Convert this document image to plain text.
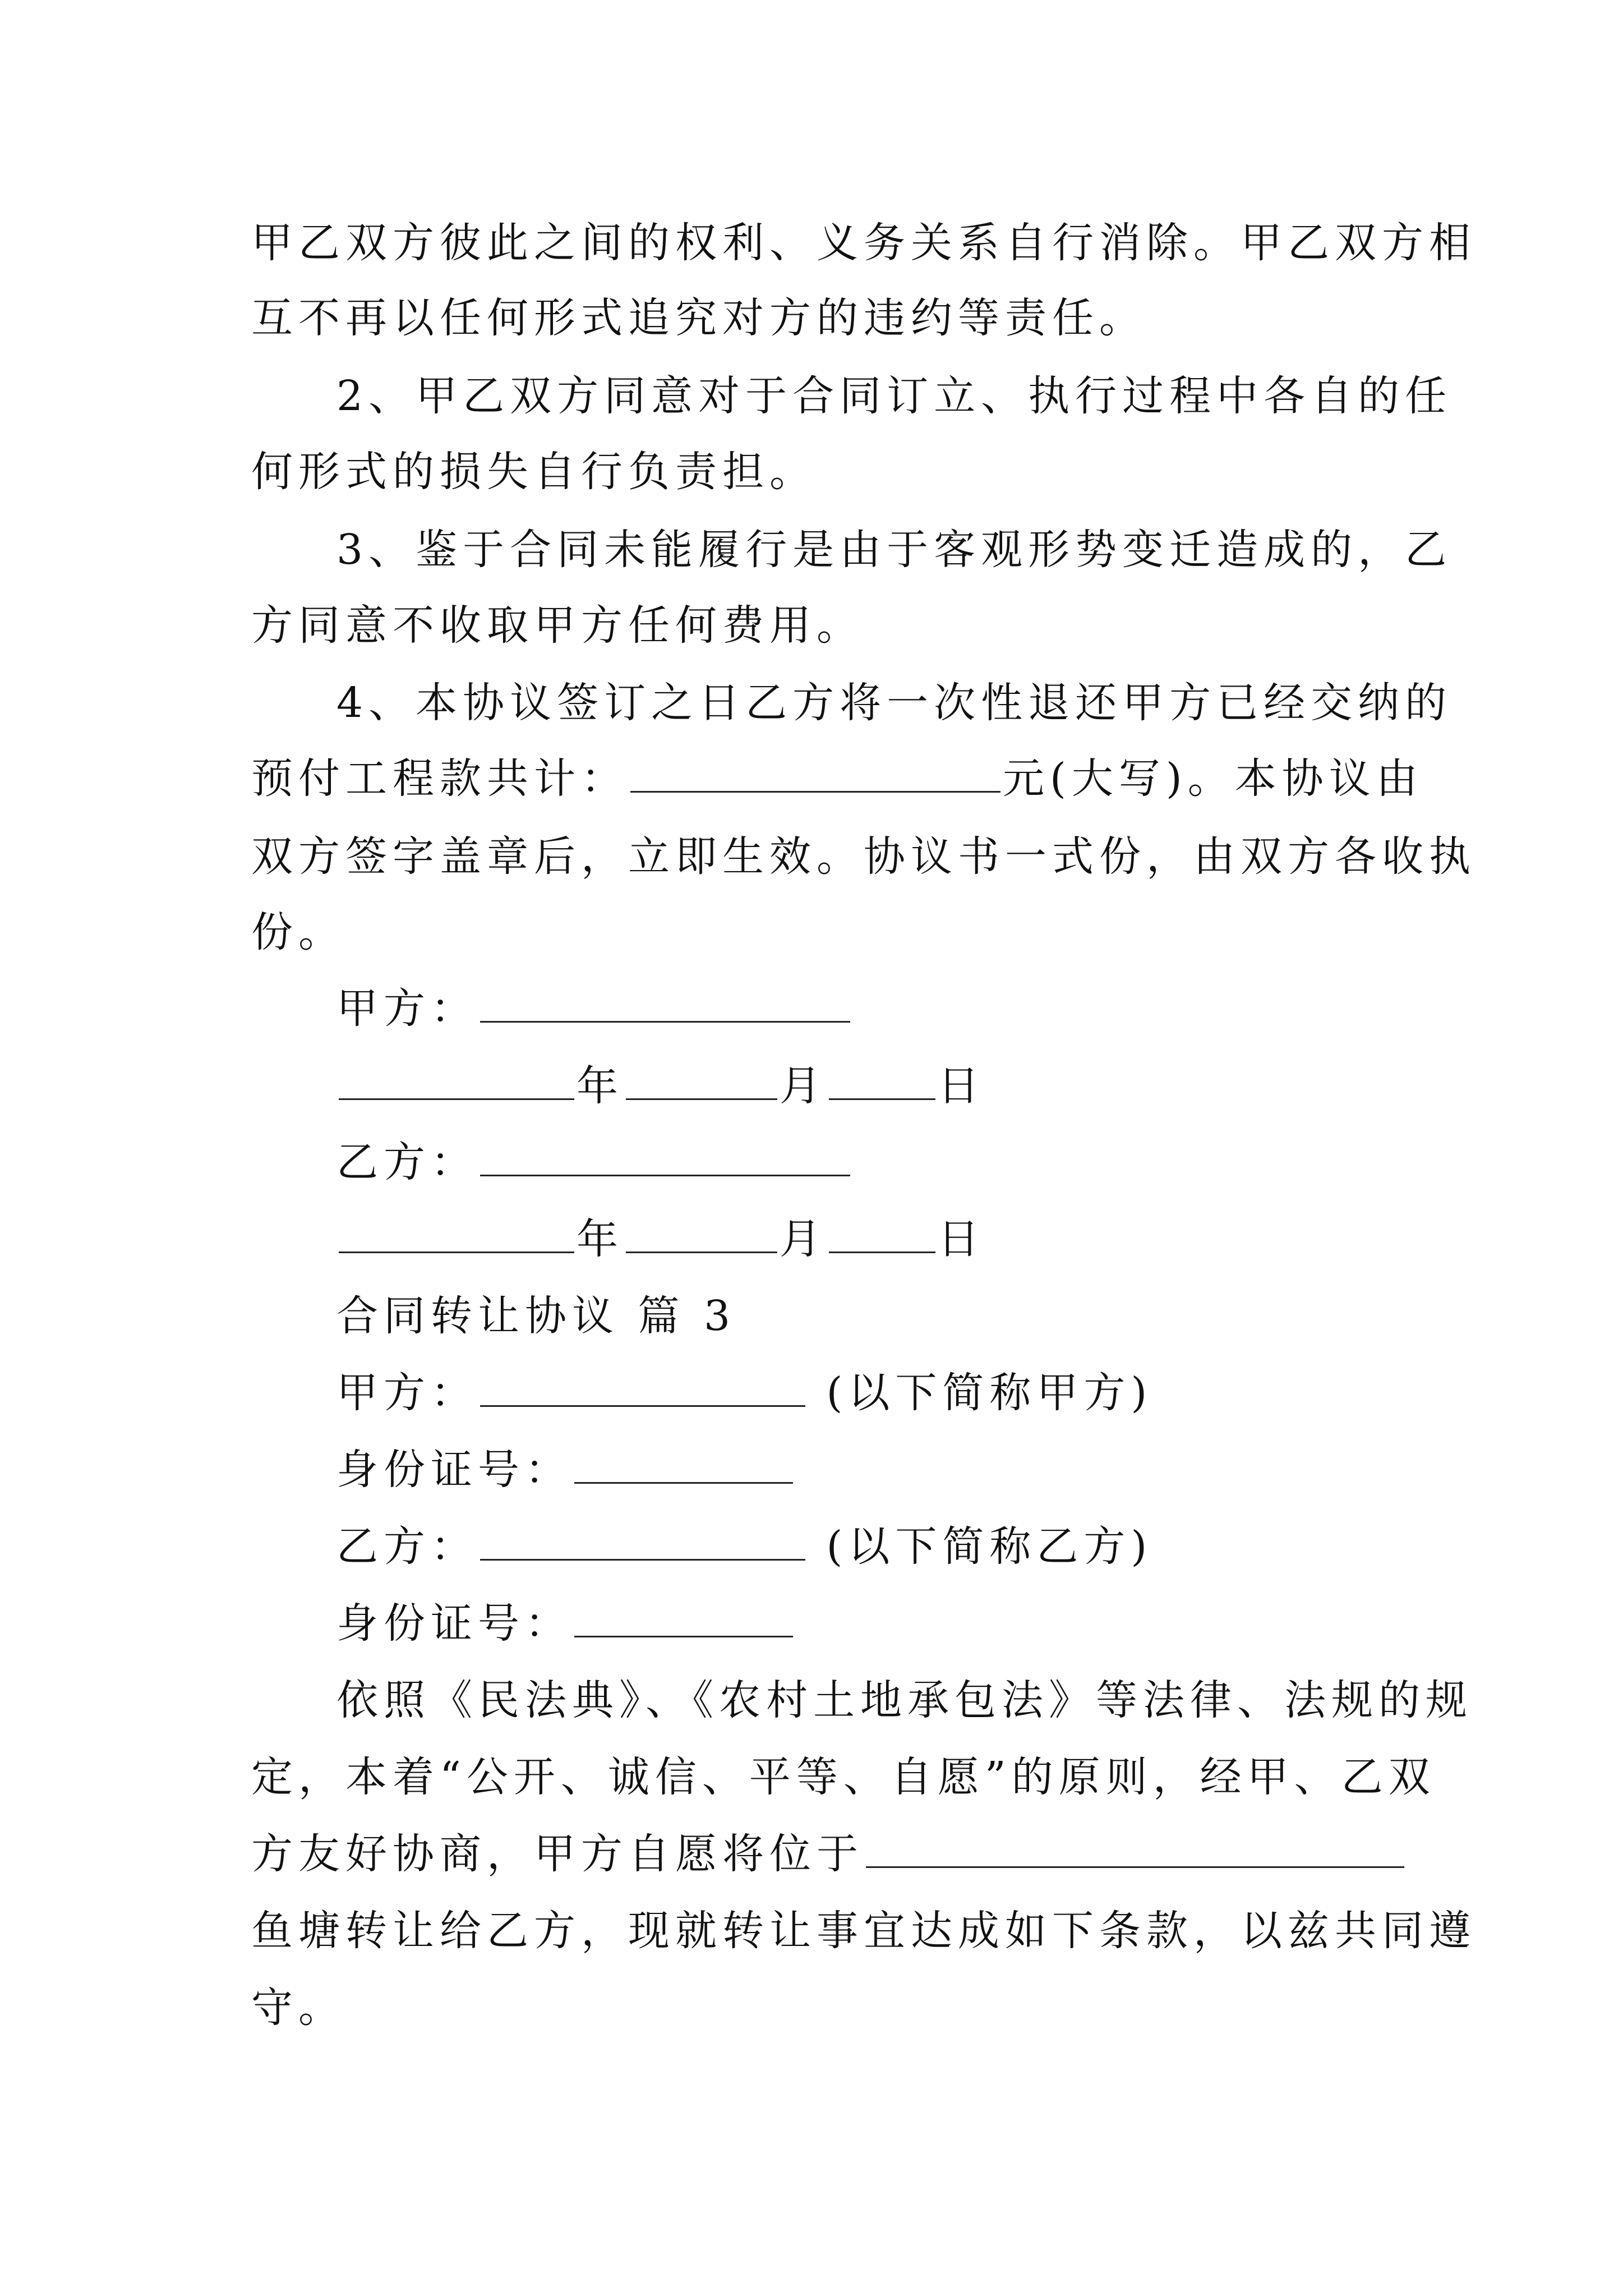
甲乙双方彼此之间的权利、义务关系自行消除。甲乙双方相
互不再以任何形式追究对方的违约等责任。
2、甲乙双方同意对于合同订立、执行过程中各自的任
何形式的损失自行负责担。
3、鉴于合同未能履行是由于客观形势变迁造成的，乙
方同意不收取甲方任何费用。
4、本协议签订之日乙方将一次性退还甲方已经交纳的
预付工程款共计：	元(大写)。本协议由
双方签字盖章后，立即生效。协议书一式份，由双方各收执
份。
甲方：
年	月	日
乙方：
年	月	日
合同转让协议 篇 3
甲方：	(以下简称甲方)
身份证号：
乙方：	(以下简称乙方)
身份证号：
依照《民法典》、《农村土地承包法》等法律、法规的规
定，本着“公开、诚信、平等、自愿”的原则，经甲、乙双
方友好协商，甲方自愿将位于
鱼塘转让给乙方，现就转让事宜达成如下条款，以兹共同遵
守。
